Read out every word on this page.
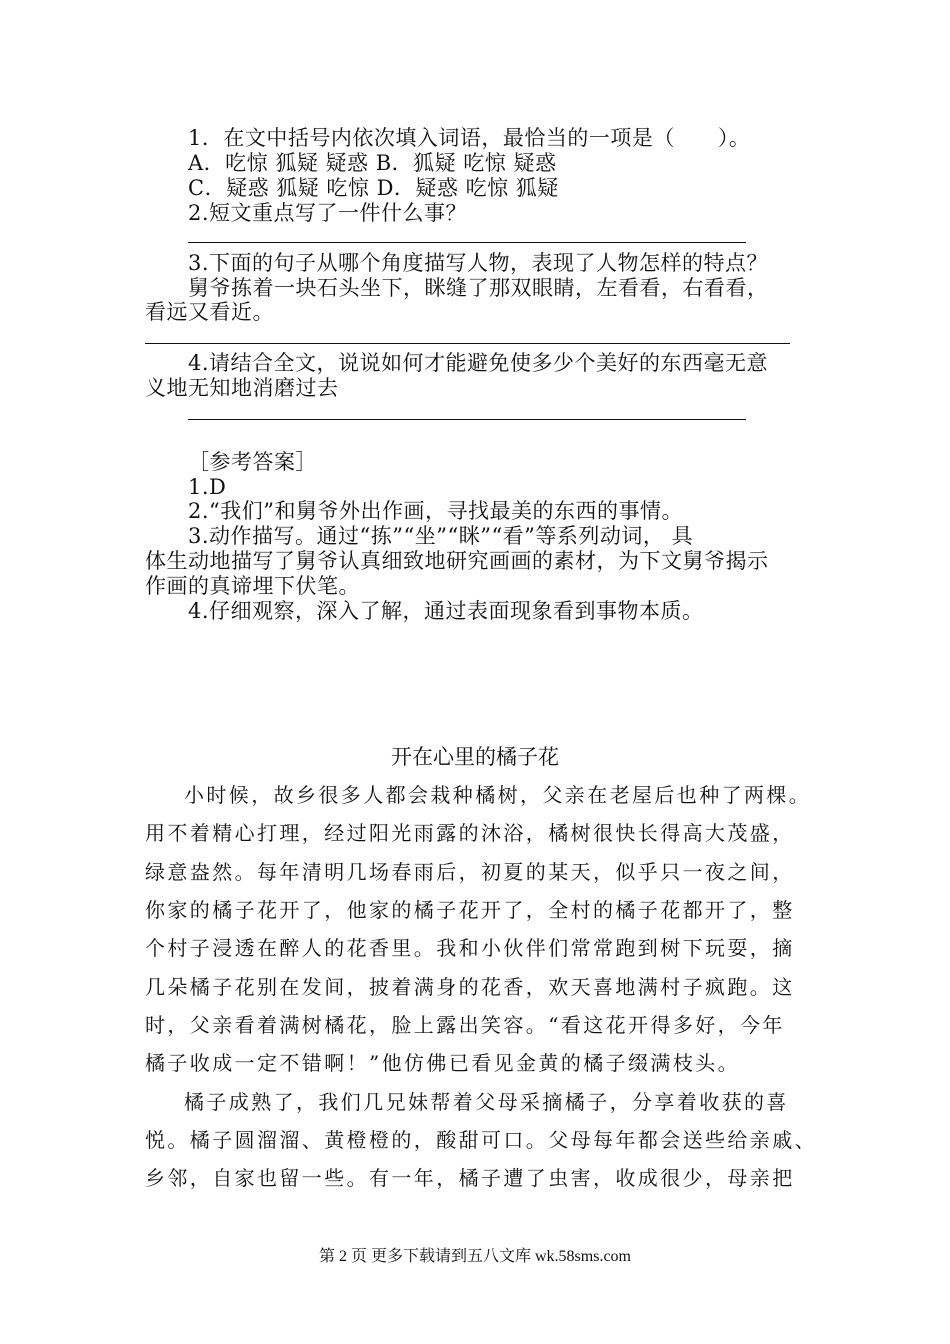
1．在文中括号内依次填入词语，最恰当的一项是（　　）。
A．吃惊 狐疑 疑惑 B．狐疑 吃惊 疑惑
C．疑惑 狐疑 吃惊 D．疑惑 吃惊 狐疑
2.短文重点写了一件什么事？
3.下面的句子从哪个角度描写人物，表现了人物怎样的特点？
舅爷拣着一块石头坐下，眯缝了那双眼睛，左看看，右看看，
看远又看近。
4.请结合全文，说说如何才能避免使多少个美好的东西毫无意
义地无知地消磨过去
［参考答案］
1.D
2.“我们”和舅爷外出作画，寻找最美的东西的事情。
3.动作描写。通过“拣”“坐”“眯”“看”等系列动词， 具
体生动地描写了舅爷认真细致地研究画画的素材，为下文舅爷揭示
作画的真谛埋下伏笔。
4.仔细观察，深入了解，通过表面现象看到事物本质。
开在心里的橘子花
小时候，故乡很多人都会栽种橘树，父亲在老屋后也种了两棵。
用不着精心打理，经过阳光雨露的沐浴，橘树很快长得高大茂盛，
绿意盎然。每年清明几场春雨后，初夏的某天，似乎只一夜之间，
你家的橘子花开了，他家的橘子花开了，全村的橘子花都开了，整
个村子浸透在醉人的花香里。我和小伙伴们常常跑到树下玩耍，摘
几朵橘子花别在发间，披着满身的花香，欢天喜地满村子疯跑。这
时，父亲看着满树橘花，脸上露出笑容。“看这花开得多好，今年
橘子收成一定不错啊！”他仿佛已看见金黄的橘子缀满枝头。
橘子成熟了，我们几兄妹帮着父母采摘橘子，分享着收获的喜
悦。橘子圆溜溜、黄橙橙的，酸甜可口。父母每年都会送些给亲戚、
乡邻，自家也留一些。有一年，橘子遭了虫害，收成很少，母亲把
第 2 页 更多下载请到五八文库 wk.58sms.com
